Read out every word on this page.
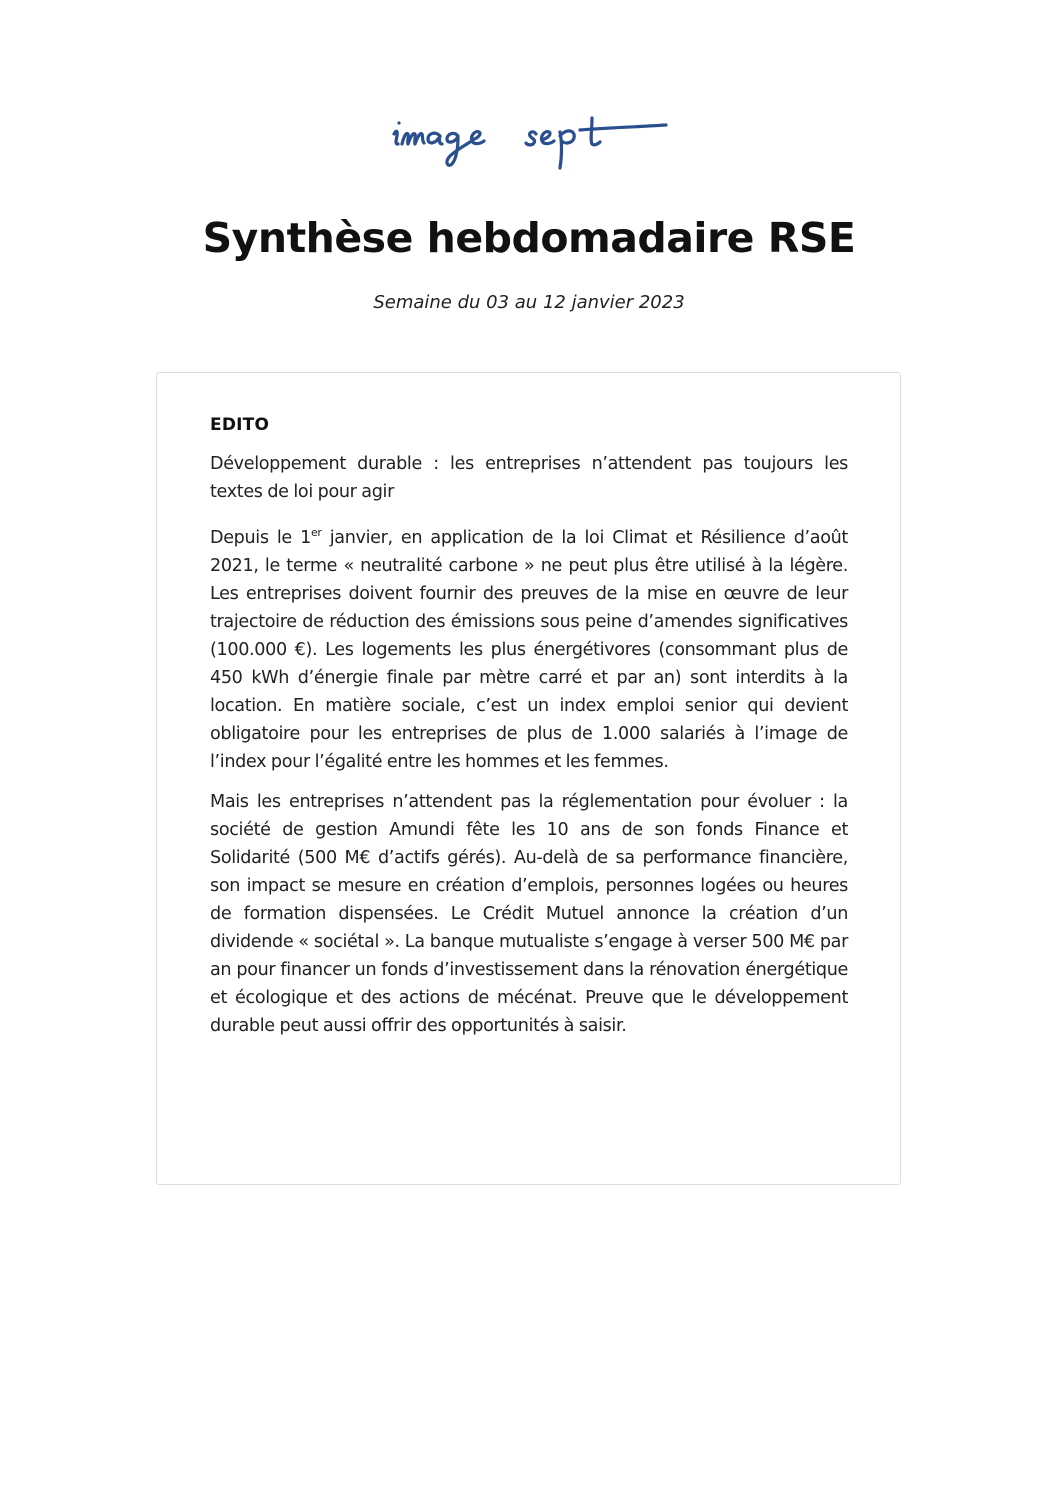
Synthèse hebdomadaire RSE

Semaine du 03 au 12 janvier 2023

EDITO

Développement durable : les entreprises n’attendent pas toujours les textes de loi pour agir

Depuis le 1er janvier, en application de la loi Climat et Résilience d’août 2021, le terme « neutralité carbone » ne peut plus être utilisé à la légère. Les entreprises doivent fournir des preuves de la mise en œuvre de leur trajectoire de réduction des émissions sous peine d’amendes significatives (100.000 €). Les logements les plus énergétivores (consommant plus de 450 kWh d’énergie finale par mètre carré et par an) sont interdits à la location. En matière sociale, c’est un index emploi senior qui devient obligatoire pour les entreprises de plus de 1.000 salariés à l’image de l’index pour l’égalité entre les hommes et les femmes.

Mais les entreprises n’attendent pas la réglementation pour évoluer : la société de gestion Amundi fête les 10 ans de son fonds Finance et Solidarité (500 M€ d’actifs gérés). Au-delà de sa performance financière, son impact se mesure en création d’emplois, personnes logées ou heures de formation dispensées. Le Crédit Mutuel annonce la création d’un dividende « sociétal ». La banque mutualiste s’engage à verser 500 M€ par an pour financer un fonds d’investissement dans la rénovation énergétique et écologique et des actions de mécénat. Preuve que le développement durable peut aussi offrir des opportunités à saisir.
